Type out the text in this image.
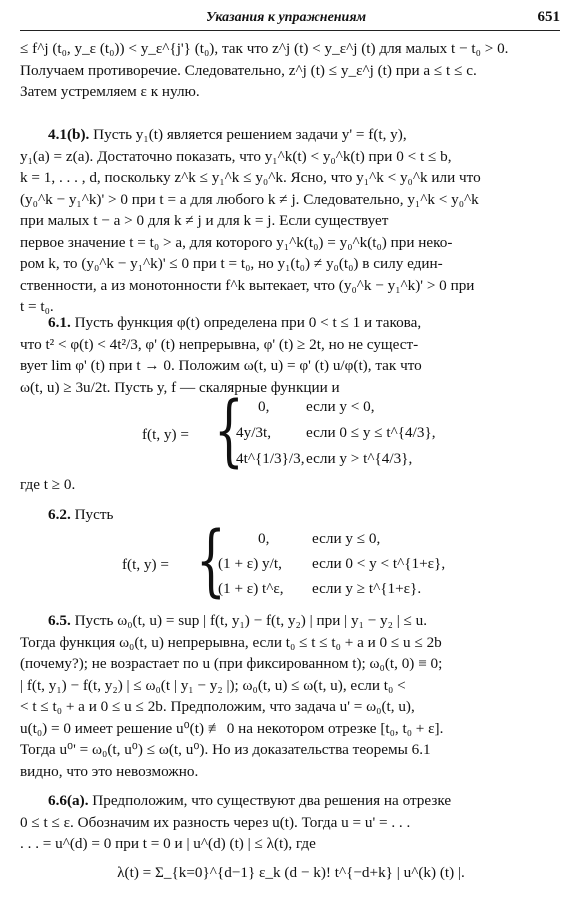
Указания к упражнениям	651
≤ f^j (t₀, y_ε (t₀)) < y_ε^{j'} (t₀), так что z^j (t) < y_ε^j (t) для малых t − t₀ > 0.
Получаем противоречие. Следовательно, z^j (t) ≤ y_ε^j (t) при a ≤ t ≤ c.
Затем устремляем ε к нулю.
4.1(b). Пусть y₁(t) является решением задачи y' = f(t, y),
y₁(a) = z(a). Достаточно показать, что y₁^k(t) < y₀^k(t) при 0 < t ≤ b,
k = 1, . . . , d, поскольку z^k ≤ y₁^k ≤ y₀^k. Ясно, что y₁^k < y₀^k или что
(y₀^k − y₁^k)' > 0 при t = a для любого k ≠ j. Следовательно, y₁^k < y₀^k
при малых t − a > 0 для k ≠ j и для k = j. Если существует
первое значение t = t₀ > a, для которого y₁^k(t₀) = y₀^k(t₀) при неко-
ром k, то (y₀^k − y₁^k)' ≤ 0 при t = t₀, но y₁(t₀) ≠ y₀(t₀) в силу един-
ственности, а из монотонности f^k вытекает, что (y₀^k − y₁^k)' > 0 при
t = t₀.
6.1. Пусть функция φ(t) определена при 0 < t ≤ 1 и такова,
что t² < φ(t) < 4t²/3, φ' (t) непрерывна, φ' (t) ≥ 2t, но не сущест-
вует lim φ' (t) при t → 0. Положим ω(t, u) = φ' (t) u/φ(t), так что
ω(t, u) ≥ 3u/2t. Пусть y, f — скалярные функции и
f(t, y) = { 0, если y < 0,
4y/3t, если 0 ≤ y ≤ t^{4/3},
4t^{1/3}/3, если y > t^{4/3},
где t ≥ 0.
6.2. Пусть
f(t, y) = { 0,	если y ≤ 0,
(1 + ε) y/t, если 0 < y < t^{1+ε},
(1 + ε) t^ε, если y ≥ t^{1+ε}.
6.5. Пусть ω₀(t, u) = sup | f(t, y₁) − f(t, y₂) | при | y₁ − y₂ | ≤ u.
Тогда функция ω₀(t, u) непрерывна, если t₀ ≤ t ≤ t₀ + a и 0 ≤ u ≤ 2b
(почему?); не возрастает по u (при фиксированном t); ω₀(t, 0) ≡ 0;
| f(t, y₁) − f(t, y₂) | ≤ ω₀(t | y₁ − y₂ |); ω₀(t, u) ≤ ω(t, u), если t₀ <
< t ≤ t₀ + a и 0 ≤ u ≤ 2b. Предположим, что задача u' = ω₀(t, u),
u(t₀) = 0 имеет решение u⁰(t) ≢ 0 на некотором отрезке [t₀, t₀ + ε].
Тогда u⁰' = ω₀(t, u⁰) ≤ ω(t, u⁰). Но из доказательства теоремы 6.1
видно, что это невозможно.
6.6(a). Предположим, что существуют два решения на отрезке
0 ≤ t ≤ ε. Обозначим их разность через u(t). Тогда u = u' = . . .
. . . = u^(d) = 0 при t = 0 и | u^(d) (t) | ≤ λ(t), где
λ(t) = Σ_{k=0}^{d−1} ε_k (d − k)! t^{−d+k} | u^(k) (t) |.
